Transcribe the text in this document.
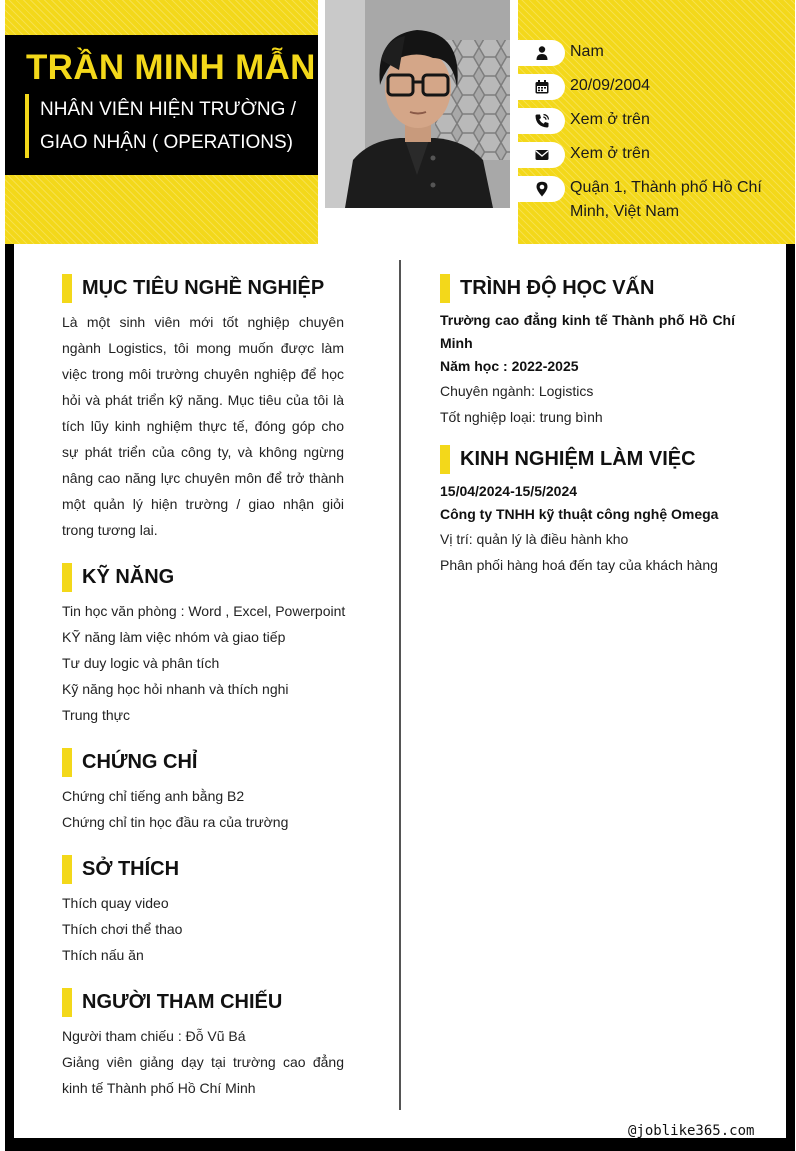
TRẦN MINH MẪN
NHÂN VIÊN HIỆN TRƯỜNG / GIAO NHẬN ( OPERATIONS)
Nam
20/09/2004
Xem ở trên
Xem ở trên
Quận 1, Thành phố Hồ Chí Minh, Việt Nam
MỤC TIÊU NGHỀ NGHIỆP
Là một sinh viên mới tốt nghiệp chuyên ngành Logistics, tôi mong muốn được làm việc trong môi trường chuyên nghiệp để học hỏi và phát triển kỹ năng. Mục tiêu của tôi là tích lũy kinh nghiệm thực tế, đóng góp cho sự phát triển của công ty, và không ngừng nâng cao năng lực chuyên môn để trở thành một quản lý hiện trường / giao nhận giỏi trong tương lai.
KỸ NĂNG
Tin học văn phòng : Word , Excel, Powerpoint
KỸ năng làm việc nhóm và giao tiếp
Tư duy logic và phân tích
Kỹ năng học hỏi nhanh và thích nghi
Trung thực
CHỨNG CHỈ
Chứng chỉ tiếng anh bằng B2
Chứng chỉ tin học đầu ra của trường
SỞ THÍCH
Thích quay video
Thích chơi thể thao
Thích nấu ăn
NGƯỜI THAM CHIẾU
Người tham chiếu : Đỗ Vũ Bá
Giảng viên giảng dạy tại trường cao đẳng kinh tế Thành phố Hồ Chí Minh
TRÌNH ĐỘ HỌC VẤN
Trường cao đẳng kinh tế Thành phố Hồ Chí Minh
Năm học : 2022-2025
Chuyên ngành: Logistics
Tốt nghiệp loại: trung bình
KINH NGHIỆM LÀM VIỆC
15/04/2024-15/5/2024
Công ty TNHH kỹ thuật công nghệ Omega
Vị trí: quản lý là điều hành kho
Phân phối hàng hoá đến tay của khách hàng
@joblike365.com
